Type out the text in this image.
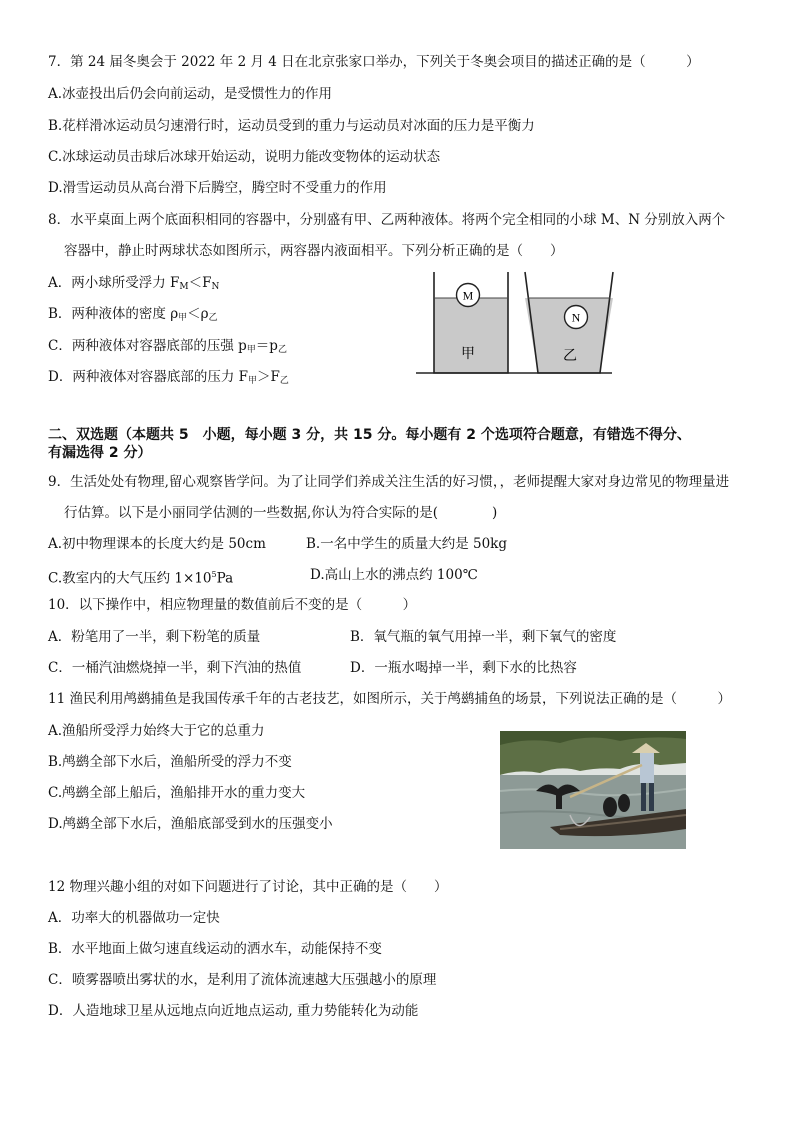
7．第 24 届冬奥会于 2022 年 2 月 4 日在北京张家口举办，下列关于冬奥会项目的描述正确的是（　　　）
A.冰壶投出后仍会向前运动，是受惯性力的作用
B.花样滑冰运动员匀速滑行时，运动员受到的重力与运动员对冰面的压力是平衡力
C.冰球运动员击球后冰球开始运动，说明力能改变物体的运动状态
D.滑雪运动员从高台滑下后腾空，腾空时不受重力的作用
8．水平桌面上两个底面积相同的容器中，分别盛有甲、乙两种液体。将两个完全相同的小球 M、N 分别放入两个
容器中，静止时两球状态如图所示，两容器内液面相平。下列分析正确的是（　　）
A．两小球所受浮力 $F_M<F_N$
B．两种液体的密度 $\rho_甲<\rho_乙$
C．两种液体对容器底部的压强 $p_甲=p_乙$
D．两种液体对容器底部的压力 $F_甲>F_乙$
M
甲
N
乙
二、双选题（本题共 5　小题，每小题 3 分，共 15 分。每小题有 2 个选项符合题意，有错选不得分、
有漏选得 2 分）
9．生活处处有物理,留心观察皆学问。为了让同学们养成关注生活的好习惯，，老师提醒大家对身边常见的物理量进
行估算。以下是小丽同学估测的一些数据,你认为符合实际的是(　　　　)
A.初中物理课本的长度大约是 50cm	B.一名中学生的质量大约是 50kg
C.教室内的大气压约 $1\times 10^5Pa$	D.高山上水的沸点约 100℃
10．以下操作中，相应物理量的数值前后不变的是（　　　）
A．粉笔用了一半，剩下粉笔的质量	B．氧气瓶的氧气用掉一半，剩下氧气的密度
C．一桶汽油燃烧掉一半，剩下汽油的热值	D．一瓶水喝掉一半，剩下水的比热容
11 渔民利用鸬鹚捕鱼是我国传承千年的古老技艺，如图所示，关于鸬鹚捕鱼的场景，下列说法正确的是（　　　）
A.渔船所受浮力始终大于它的总重力
B.鸬鹚全部下水后，渔船所受的浮力不变
C.鸬鹚全部上船后，渔船排开水的重力变大
D.鸬鹚全部下水后，渔船底部受到水的压强变小
12 物理兴趣小组的对如下问题进行了讨论，其中正确的是（　　）
A．功率大的机器做功一定快
B．水平地面上做匀速直线运动的洒水车，动能保持不变
C．喷雾器喷出雾状的水，是利用了流体流速越大压强越小的原理
D．人造地球卫星从远地点向近地点运动, 重力势能转化为动能
